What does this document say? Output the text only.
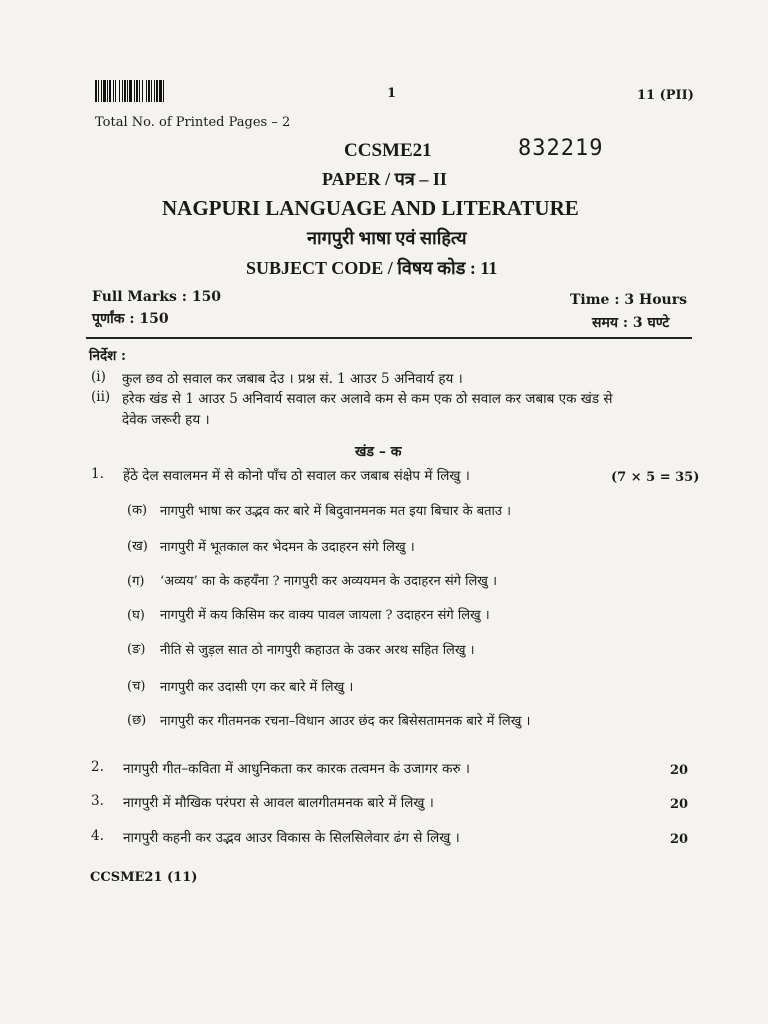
1	11 (PII)
Total No. of Printed Pages – 2
CCSME21	832219
PAPER / पत्र – II
NAGPURI LANGUAGE AND LITERATURE
नागपुरी भाषा एवं साहित्य
SUBJECT CODE / विषय कोड : 11
Full Marks : 150
पूर्णांक : 150
Time : 3 Hours
समय : 3 घण्टे
निर्देश :
(i) कुल छव ठो सवाल कर जबाब देउ । प्रश्न सं. 1 आउर 5 अनिवार्य हय ।
(ii) हरेक खंड से 1 आउर 5 अनिवार्य सवाल कर अलावे कम से कम एक ठो सवाल कर जबाब एक खंड से
देवेक जरूरी हय ।
खंड – क
1. हेंठे देल सवालमन में से कोनो पाँच ठो सवाल कर जबाब संक्षेप में लिखु ।	(7 × 5 = 35)
(क) नागपुरी भाषा कर उद्भव कर बारे में बिदुवानमनक मत इया बिचार के बताउ ।
(ख) नागपुरी में भूतकाल कर भेदमन के उदाहरन संगे लिखु ।
(ग) ‘अव्यय’ का के कहयँना ? नागपुरी कर अव्ययमन के उदाहरन संगे लिखु ।
(घ) नागपुरी में कय किसिम कर वाक्य पावल जायला ? उदाहरन संगे लिखु ।
(ङ) नीति से जुड़ल सात ठो नागपुरी कहाउत के उकर अरथ सहित लिखु ।
(च) नागपुरी कर उदासी एग कर बारे में लिखु ।
(छ) नागपुरी कर गीतमनक रचना–विधान आउर छंद कर बिसेसतामनक बारे में लिखु ।
2. नागपुरी गीत–कविता में आधुनिकता कर कारक तत्वमन के उजागर करु ।	20
3. नागपुरी में मौखिक परंपरा से आवल बालगीतमनक बारे में लिखु ।	20
4. नागपुरी कहनी कर उद्भव आउर विकास के सिलसिलेवार ढंग से लिखु ।	20
CCSME21 (11)
